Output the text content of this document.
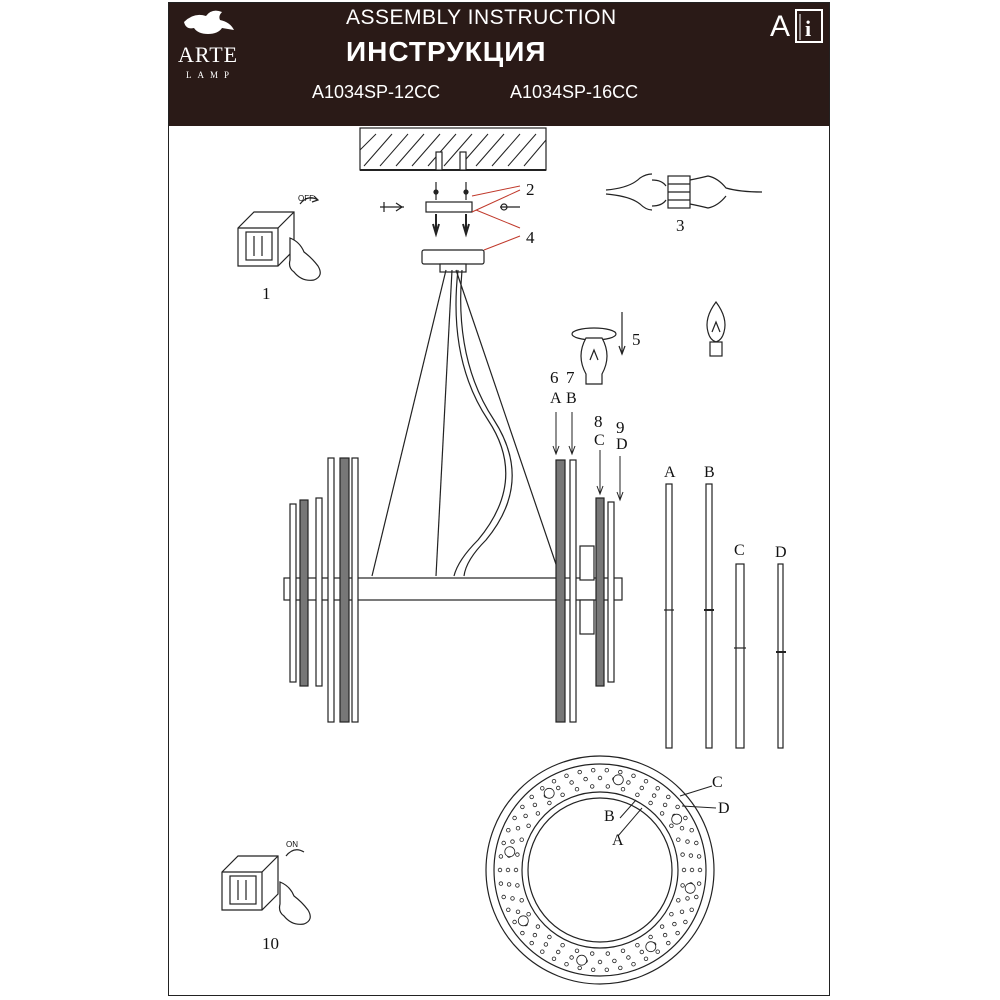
ARTE
LAMP
ASSEMBLY INSTRUCTION
ИНСТРУКЦИЯ
A1034SP-12CC	A1034SP-16CC
A i
1
2
3
4
5
6 7
8 9
10
OFF
ON
A B
C D
A B
C D
C
D
B
A
